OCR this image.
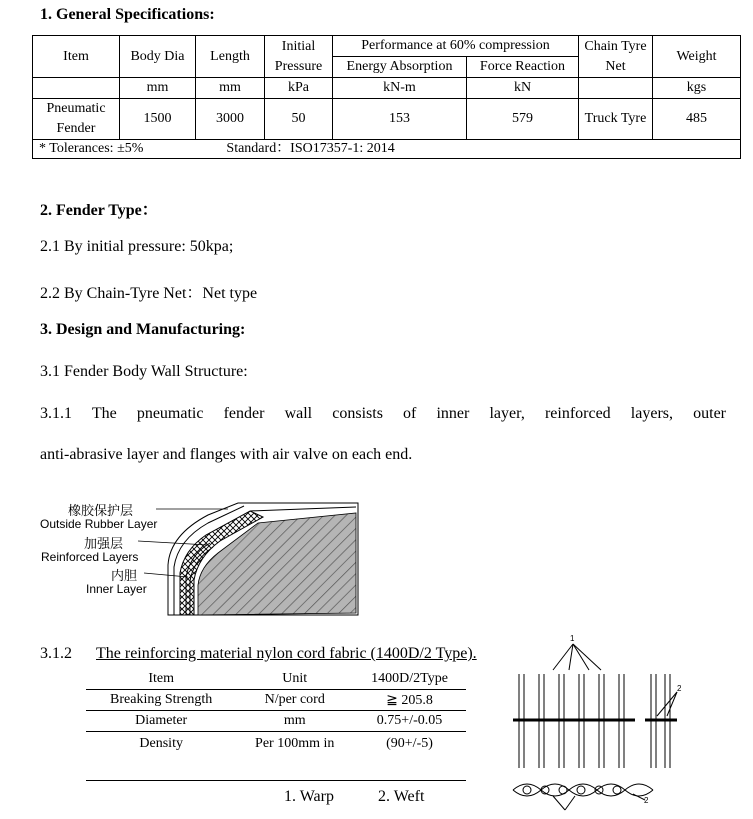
1. General Specifications:
Item	Body Dia	Length	Initial Pressure	Performance at 60% compression		Chain Tyre Net	Weight
				Energy Absorption	Force Reaction		
	mm	mm	kPa	kN-m	kN		kgs
Pneumatic Fender	1500	3000	50	153	579	Truck Tyre	485
* Tolerances: ±5% Standard：ISO17357-1: 2014							
2. Fender Type：
2.1 By initial pressure: 50kpa;
2.2 By Chain-Tyre Net：Net type
3. Design and Manufacturing:
3.1 Fender Body Wall Structure:
3.1.1 The pneumatic fender wall consists of inner layer, reinforced layers, outer
anti-abrasive layer and flanges with air valve on each end.
橡胶保护层
Outside Rubber Layer
加强层
Reinforced Layers
内胆
Inner Layer
3.1.2 The reinforcing material nylon cord fabric (1400D/2 Type).
Item	Unit	1400D/2Type
Breaking Strength	N/per cord	≧ 205.8
Diameter	mm	0.75+/-0.05
Density	Per 100mm in	(90+/-5)
1. Warp	2. Weft
1
2
2
